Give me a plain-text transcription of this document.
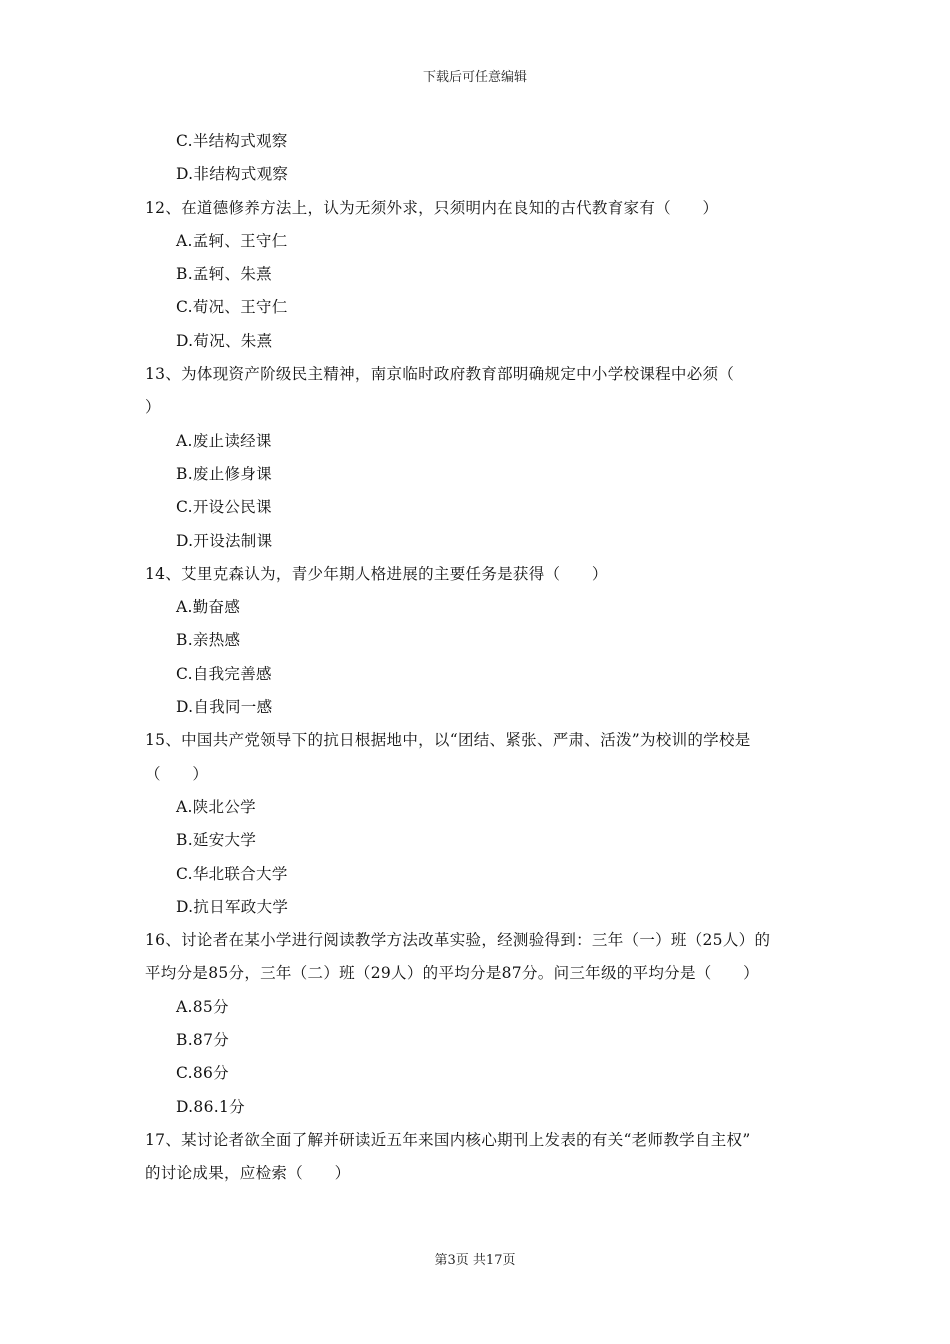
下载后可任意编辑
C.半结构式观察
D.非结构式观察
12、在道德修养方法上，认为无须外求，只须明内在良知的古代教育家有（　　）
A.孟轲、王守仁
B.孟轲、朱熹
C.荀况、王守仁
D.荀况、朱熹
13、为体现资产阶级民主精神，南京临时政府教育部明确规定中小学校课程中必须（
）
A.废止读经课
B.废止修身课
C.开设公民课
D.开设法制课
14、艾里克森认为，青少年期人格进展的主要任务是获得（　　）
A.勤奋感
B.亲热感
C.自我完善感
D.自我同一感
15、中国共产党领导下的抗日根据地中，以“团结、紧张、严肃、活泼”为校训的学校是
（　　）
A.陕北公学
B.延安大学
C.华北联合大学
D.抗日军政大学
16、讨论者在某小学进行阅读教学方法改革实验，经测验得到：三年（一）班（25人）的
平均分是85分，三年（二）班（29人）的平均分是87分。问三年级的平均分是（　　）
A.85分
B.87分
C.86分
D.86.1分
17、某讨论者欲全面了解并研读近五年来国内核心期刊上发表的有关“老师教学自主权”
的讨论成果，应检索（　　）
第3页 共17页
